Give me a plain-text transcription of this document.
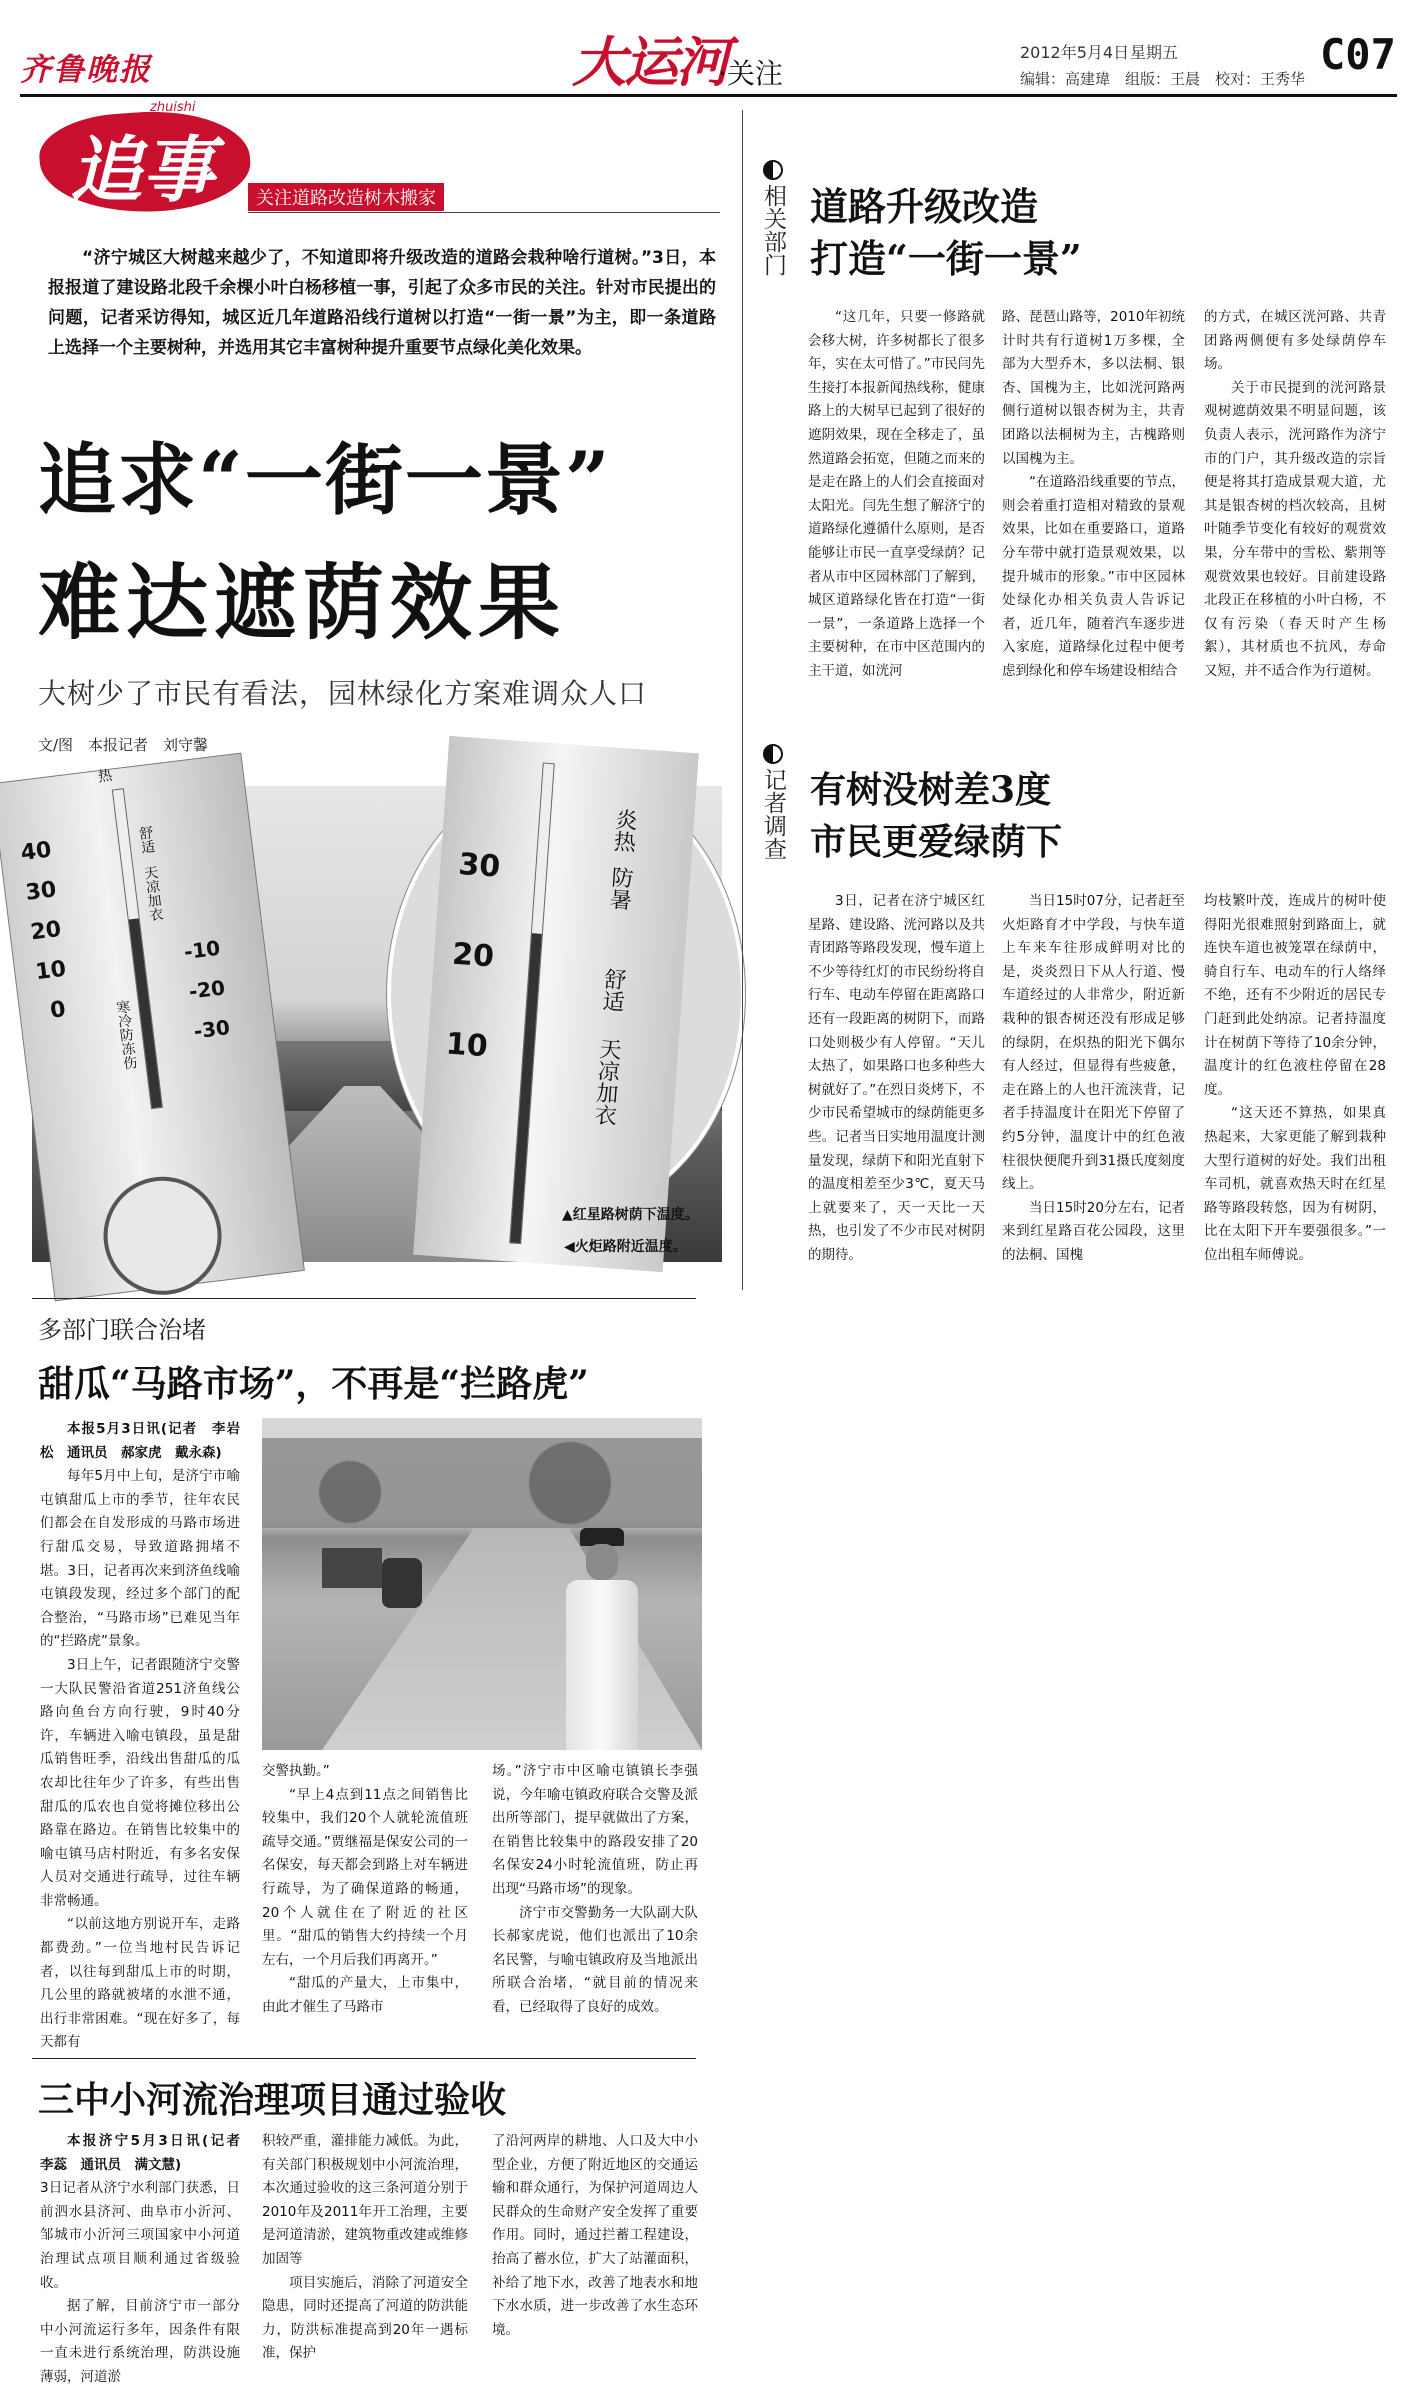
齐鲁晚报	大运河
·关注
2012年5月4日 星期五	C07
编辑：高建瑋　组版：王晨　校对：王秀华
zhuishi
追事	关注道路改造树木搬家

“济宁城区大树越来越少了，不知道即将升级改造的道路会栽种啥行道树。”3日，本报报道了建设路北段千余棵小叶白杨移植一事，引起了众多市民的关注。针对市民提出的问题，记者采访得知，城区近几年道路沿线行道树以打造“一街一景”为主，即一条道路上选择一个主要树种，并选用其它丰富树种提升重要节点绿化美化效果。

追求“一街一景”
难达遮荫效果
大树少了市民有看法，园林绿化方案难调众人口
文/图　本报记者　刘守馨
40
30
20
10
0
-10
-20
-30
热
舒适
天凉加衣
寒冷防冻伤
30
20
10
炎热
防暑
舒适
天凉加衣
▲红星路树荫下温度。
◀火炬路附近温度。
相关部门 道路升级改造
打造“一街一景”

“这几年，只要一修路就会移大树，许多树都长了很多年，实在太可惜了。”市民闫先生接打本报新闻热线称，健康路上的大树早已起到了很好的遮阴效果，现在全移走了，虽然道路会拓宽，但随之而来的是走在路上的人们会直接面对太阳光。闫先生想了解济宁的道路绿化遵循什么原则，是否能够让市民一直享受绿荫？记者从市中区园林部门了解到，城区道路绿化皆在打造“一街一景”，一条道路上选择一个主要树种，在市中区范围内的主干道，如洸河

路、琵琶山路等，2010年初统计时共有行道树1万多棵，全部为大型乔木，多以法桐、银杏、国槐为主，比如洸河路两侧行道树以银杏树为主，共青团路以法桐树为主，古槐路则以国槐为主。

“在道路沿线重要的节点，则会着重打造相对精致的景观效果，比如在重要路口，道路分车带中就打造景观效果，以提升城市的形象。”市中区园林处绿化办相关负责人告诉记者，近几年，随着汽车逐步进入家庭，道路绿化过程中便考虑到绿化和停车场建设相结合

的方式，在城区洸河路、共青团路两侧便有多处绿荫停车场。

关于市民提到的洸河路景观树遮荫效果不明显问题，该负责人表示，洸河路作为济宁市的门户，其升级改造的宗旨便是将其打造成景观大道，尤其是银杏树的档次较高，且树叶随季节变化有较好的观赏效果，分车带中的雪松、紫荆等观赏效果也较好。目前建设路北段正在移植的小叶白杨，不仅有污染（春天时产生杨絮），其材质也不抗风，寿命又短，并不适合作为行道树。

记者调查 有树没树差3度
市民更爱绿荫下

3日，记者在济宁城区红星路、建设路、洸河路以及共青团路等路段发现，慢车道上不少等待红灯的市民纷纷将自行车、电动车停留在距离路口还有一段距离的树阴下，而路口处则极少有人停留。“天儿太热了，如果路口也多种些大树就好了。”在烈日炎烤下，不少市民希望城市的绿荫能更多些。记者当日实地用温度计测量发现，绿荫下和阳光直射下的温度相差至少3℃，夏天马上就要来了，天一天比一天热，也引发了不少市民对树阴的期待。

当日15时07分，记者赶至火炬路育才中学段，与快车道上车来车往形成鲜明对比的是，炎炎烈日下从人行道、慢车道经过的人非常少，附近新栽种的银杏树还没有形成足够的绿阴，在炽热的阳光下偶尔有人经过，但显得有些疲惫，走在路上的人也汗流浃背，记者手持温度计在阳光下停留了约5分钟，温度计中的红色液柱很快便爬升到31摄氏度刻度线上。

当日15时20分左右，记者来到红星路百花公园段，这里的法桐、国槐

均枝繁叶茂，连成片的树叶使得阳光很难照射到路面上，就连快车道也被笼罩在绿荫中，骑自行车、电动车的行人络绎不绝，还有不少附近的居民专门赶到此处纳凉。记者持温度计在树荫下等待了10余分钟，温度计的红色液柱停留在28度。

“这天还不算热，如果真热起来，大家更能了解到栽种大型行道树的好处。我们出租车司机，就喜欢热天时在红星路等路段转悠，因为有树阴，比在太阳下开车要强很多。”一位出租车师傅说。

多部门联合治堵
甜瓜“马路市场”，不再是“拦路虎”

本报5月3日讯(记者　李岩松　通讯员　郝家虎　戴永森)

每年5月中上旬，是济宁市喻屯镇甜瓜上市的季节，往年农民们都会在自发形成的马路市场进行甜瓜交易，导致道路拥堵不堪。3日，记者再次来到济鱼线喻屯镇段发现，经过多个部门的配合整治，“马路市场”已难见当年的“拦路虎”景象。

3日上午，记者跟随济宁交警一大队民警沿省道251济鱼线公路向鱼台方向行驶，9时40分许，车辆进入喻屯镇段，虽是甜瓜销售旺季，沿线出售甜瓜的瓜农却比往年少了许多，有些出售甜瓜的瓜农也自觉将摊位移出公路靠在路边。在销售比较集中的喻屯镇马店村附近，有多名安保人员对交通进行疏导，过往车辆非常畅通。

“以前这地方别说开车，走路都费劲。”一位当地村民告诉记者，以往每到甜瓜上市的时期，几公里的路就被堵的水泄不通，出行非常困难。“现在好多了，每天都有

交警执勤。”

“早上4点到11点之间销售比较集中，我们20个人就轮流值班疏导交通。”贾继福是保安公司的一名保安，每天都会到路上对车辆进行疏导，为了确保道路的畅通，20个人就住在了附近的社区里。“甜瓜的销售大约持续一个月左右，一个月后我们再离开。”

“甜瓜的产量大，上市集中，由此才催生了马路市

场。”济宁市中区喻屯镇镇长李强说，今年喻屯镇政府联合交警及派出所等部门，提早就做出了方案，在销售比较集中的路段安排了20名保安24小时轮流值班，防止再出现“马路市场”的现象。

济宁市交警勤务一大队副大队长郝家虎说，他们也派出了10余名民警，与喻屯镇政府及当地派出所联合治堵，“就目前的情况来看，已经取得了良好的成效。

三中小河流治理项目通过验收

本报济宁5月3日讯(记者　李蕊　通讯员　满文慧)

3日记者从济宁水利部门获悉，日前泗水县济河、曲阜市小沂河、邹城市小沂河三项国家中小河道治理试点项目顺利通过省级验收。

据了解，目前济宁市一部分中小河流运行多年，因条件有限一直未进行系统治理，防洪设施薄弱，河道淤

积较严重，灌排能力减低。为此，有关部门积极规划中小河流治理，本次通过验收的这三条河道分别于2010年及2011年开工治理，主要是河道清淤，建筑物重改建或维修加固等

项目实施后，消除了河道安全隐患，同时还提高了河道的防洪能力，防洪标准提高到20年一遇标准，保护

了沿河两岸的耕地、人口及大中小型企业，方便了附近地区的交通运输和群众通行，为保护河道周边人民群众的生命财产安全发挥了重要作用。同时，通过拦蓄工程建设，抬高了蓄水位，扩大了站灌面积，补给了地下水，改善了地表水和地下水水质，进一步改善了水生态环境。
